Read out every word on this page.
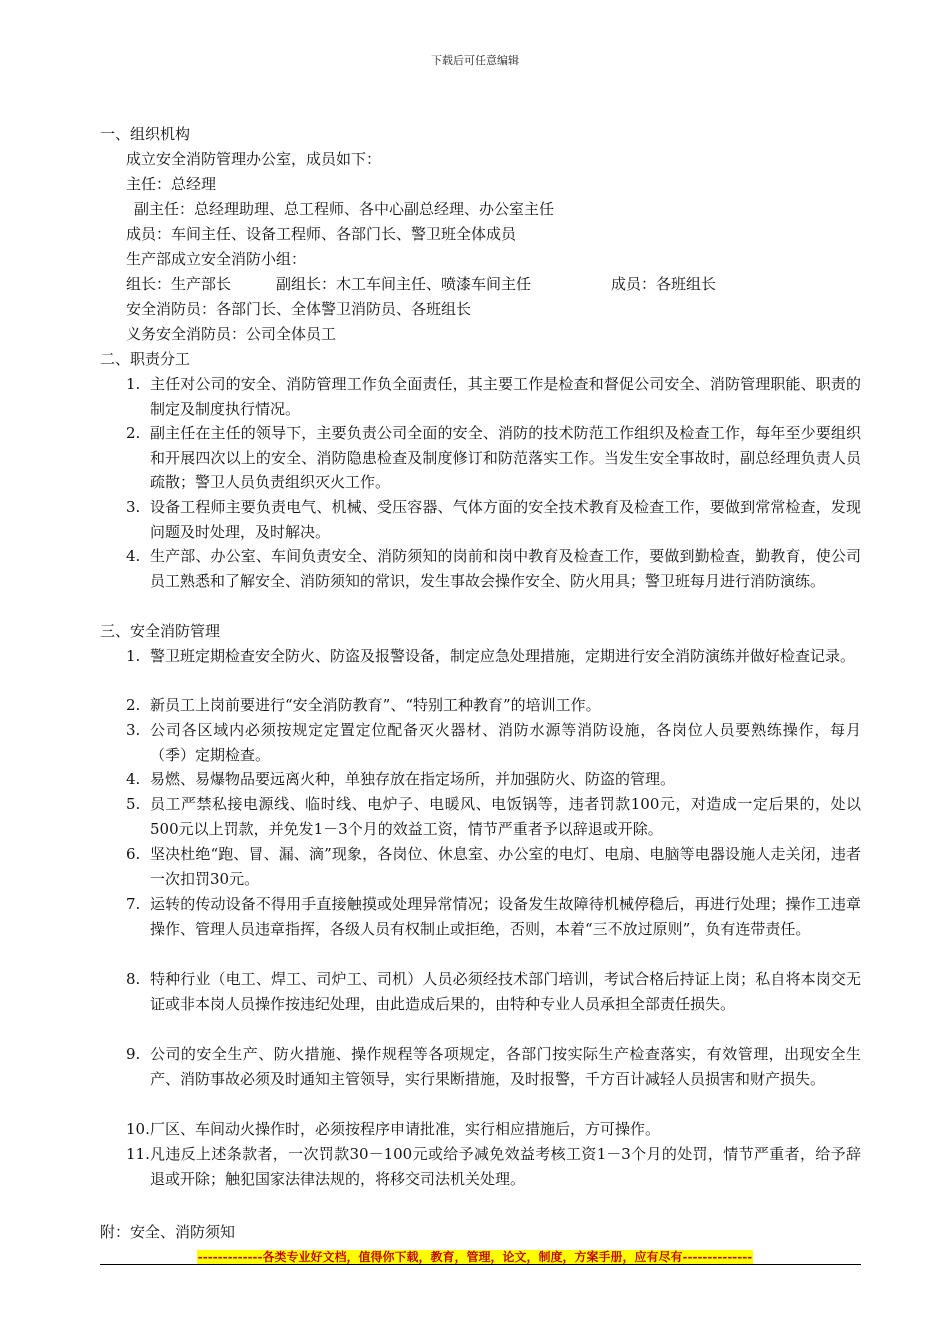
下载后可任意编辑
一、组织机构
成立安全消防管理办公室，成员如下：
主任：总经理
副主任：总经理助理、总工程师、各中心副总经理、办公室主任
成员：车间主任、设备工程师、各部门长、警卫班全体成员
生产部成立安全消防小组：
组长：生产部长	副组长：木工车间主任、喷漆车间主任	成员：各班组长
安全消防员：各部门长、全体警卫消防员、各班组长
义务安全消防员：公司全体员工
二、职责分工
1. 主任对公司的安全、消防管理工作负全面责任，其主要工作是检查和督促公司安全、消防管理职能、职责的制定及制度执行情况。
2. 副主任在主任的领导下，主要负责公司全面的安全、消防的技术防范工作组织及检查工作，每年至少要组织和开展四次以上的安全、消防隐患检查及制度修订和防范落实工作。当发生安全事故时，副总经理负责人员疏散；警卫人员负责组织灭火工作。
3. 设备工程师主要负责电气、机械、受压容器、气体方面的安全技术教育及检查工作，要做到常常检查，发现问题及时处理，及时解决。
4. 生产部、办公室、车间负责安全、消防须知的岗前和岗中教育及检查工作，要做到勤检查，勤教育，使公司员工熟悉和了解安全、消防须知的常识，发生事故会操作安全、防火用具；警卫班每月进行消防演练。
三、安全消防管理
1. 警卫班定期检查安全防火、防盗及报警设备，制定应急处理措施，定期进行安全消防演练并做好检查记录。
2. 新员工上岗前要进行“安全消防教育”、“特别工种教育”的培训工作。
3. 公司各区域内必须按规定定置定位配备灭火器材、消防水源等消防设施，各岗位人员要熟练操作，每月（季）定期检查。
4. 易燃、易爆物品要远离火种，单独存放在指定场所，并加强防火、防盗的管理。
5. 员工严禁私接电源线、临时线、电炉子、电暖风、电饭锅等，违者罚款100元，对造成一定后果的，处以500元以上罚款，并免发1－3个月的效益工资，情节严重者予以辞退或开除。
6. 坚决杜绝“跑、冒、漏、滴”现象，各岗位、休息室、办公室的电灯、电扇、电脑等电器设施人走关闭，违者一次扣罚30元。
7. 运转的传动设备不得用手直接触摸或处理异常情况；设备发生故障待机械停稳后，再进行处理；操作工违章操作、管理人员违章指挥，各级人员有权制止或拒绝，否则，本着“三不放过原则”，负有连带责任。
8. 特种行业（电工、焊工、司炉工、司机）人员必须经技术部门培训，考试合格后持证上岗；私自将本岗交无证或非本岗人员操作按违纪处理，由此造成后果的，由特种专业人员承担全部责任损失。
9. 公司的安全生产、防火措施、操作规程等各项规定，各部门按实际生产检查落实，有效管理，出现安全生产、消防事故必须及时通知主管领导，实行果断措施，及时报警，千方百计减轻人员损害和财产损失。
10. 厂区、车间动火操作时，必须按程序申请批准，实行相应措施后，方可操作。
11. 凡违反上述条款者，一次罚款30－100元或给予减免效益考核工资1－3个月的处罚，情节严重者，给予辞退或开除；触犯国家法律法规的，将移交司法机关处理。
附：安全、消防须知
-------------各类专业好文档，值得你下载，教育，管理，论文，制度，方案手册，应有尽有--------------
